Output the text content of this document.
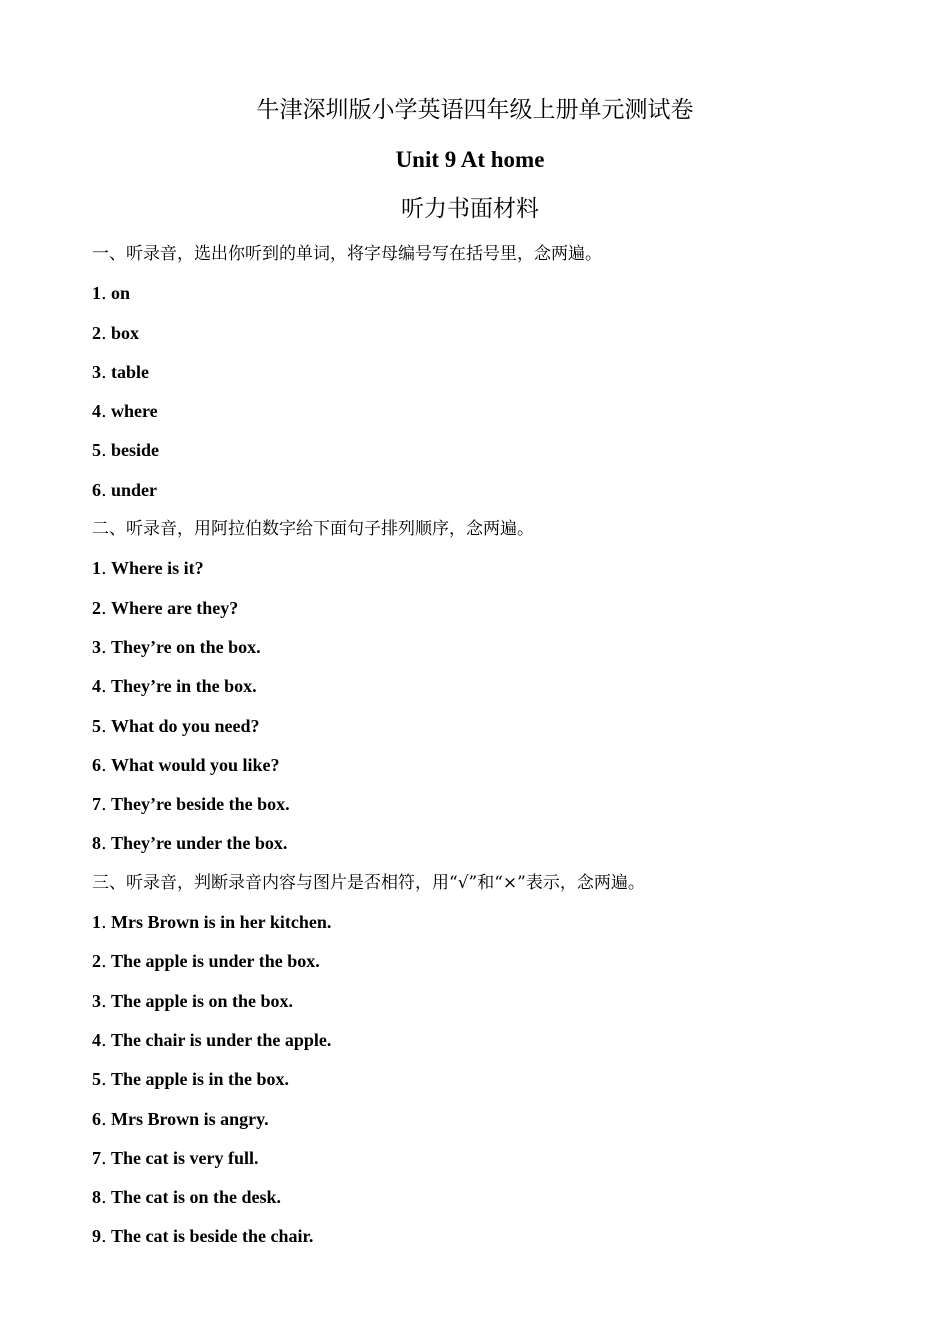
牛津深圳版小学英语四年级上册单元测试卷
Unit 9 At home
听力书面材料
一、听录音，选出你听到的单词，将字母编号写在括号里，念两遍。
1. on
2. box
3. table
4. where
5. beside
6. under
二、听录音，用阿拉伯数字给下面句子排列顺序，念两遍。
1. Where is it?
2. Where are they?
3. They’re on the box.
4. They’re in the box.
5. What do you need?
6. What would you like?
7. They’re beside the box.
8. They’re under the box.
三、听录音，判断录音内容与图片是否相符，用“√”和“×”表示，念两遍。
1. Mrs Brown is in her kitchen.
2. The apple is under the box.
3. The apple is on the box.
4. The chair is under the apple.
5. The apple is in the box.
6. Mrs Brown is angry.
7. The cat is very full.
8. The cat is on the desk.
9. The cat is beside the chair.
